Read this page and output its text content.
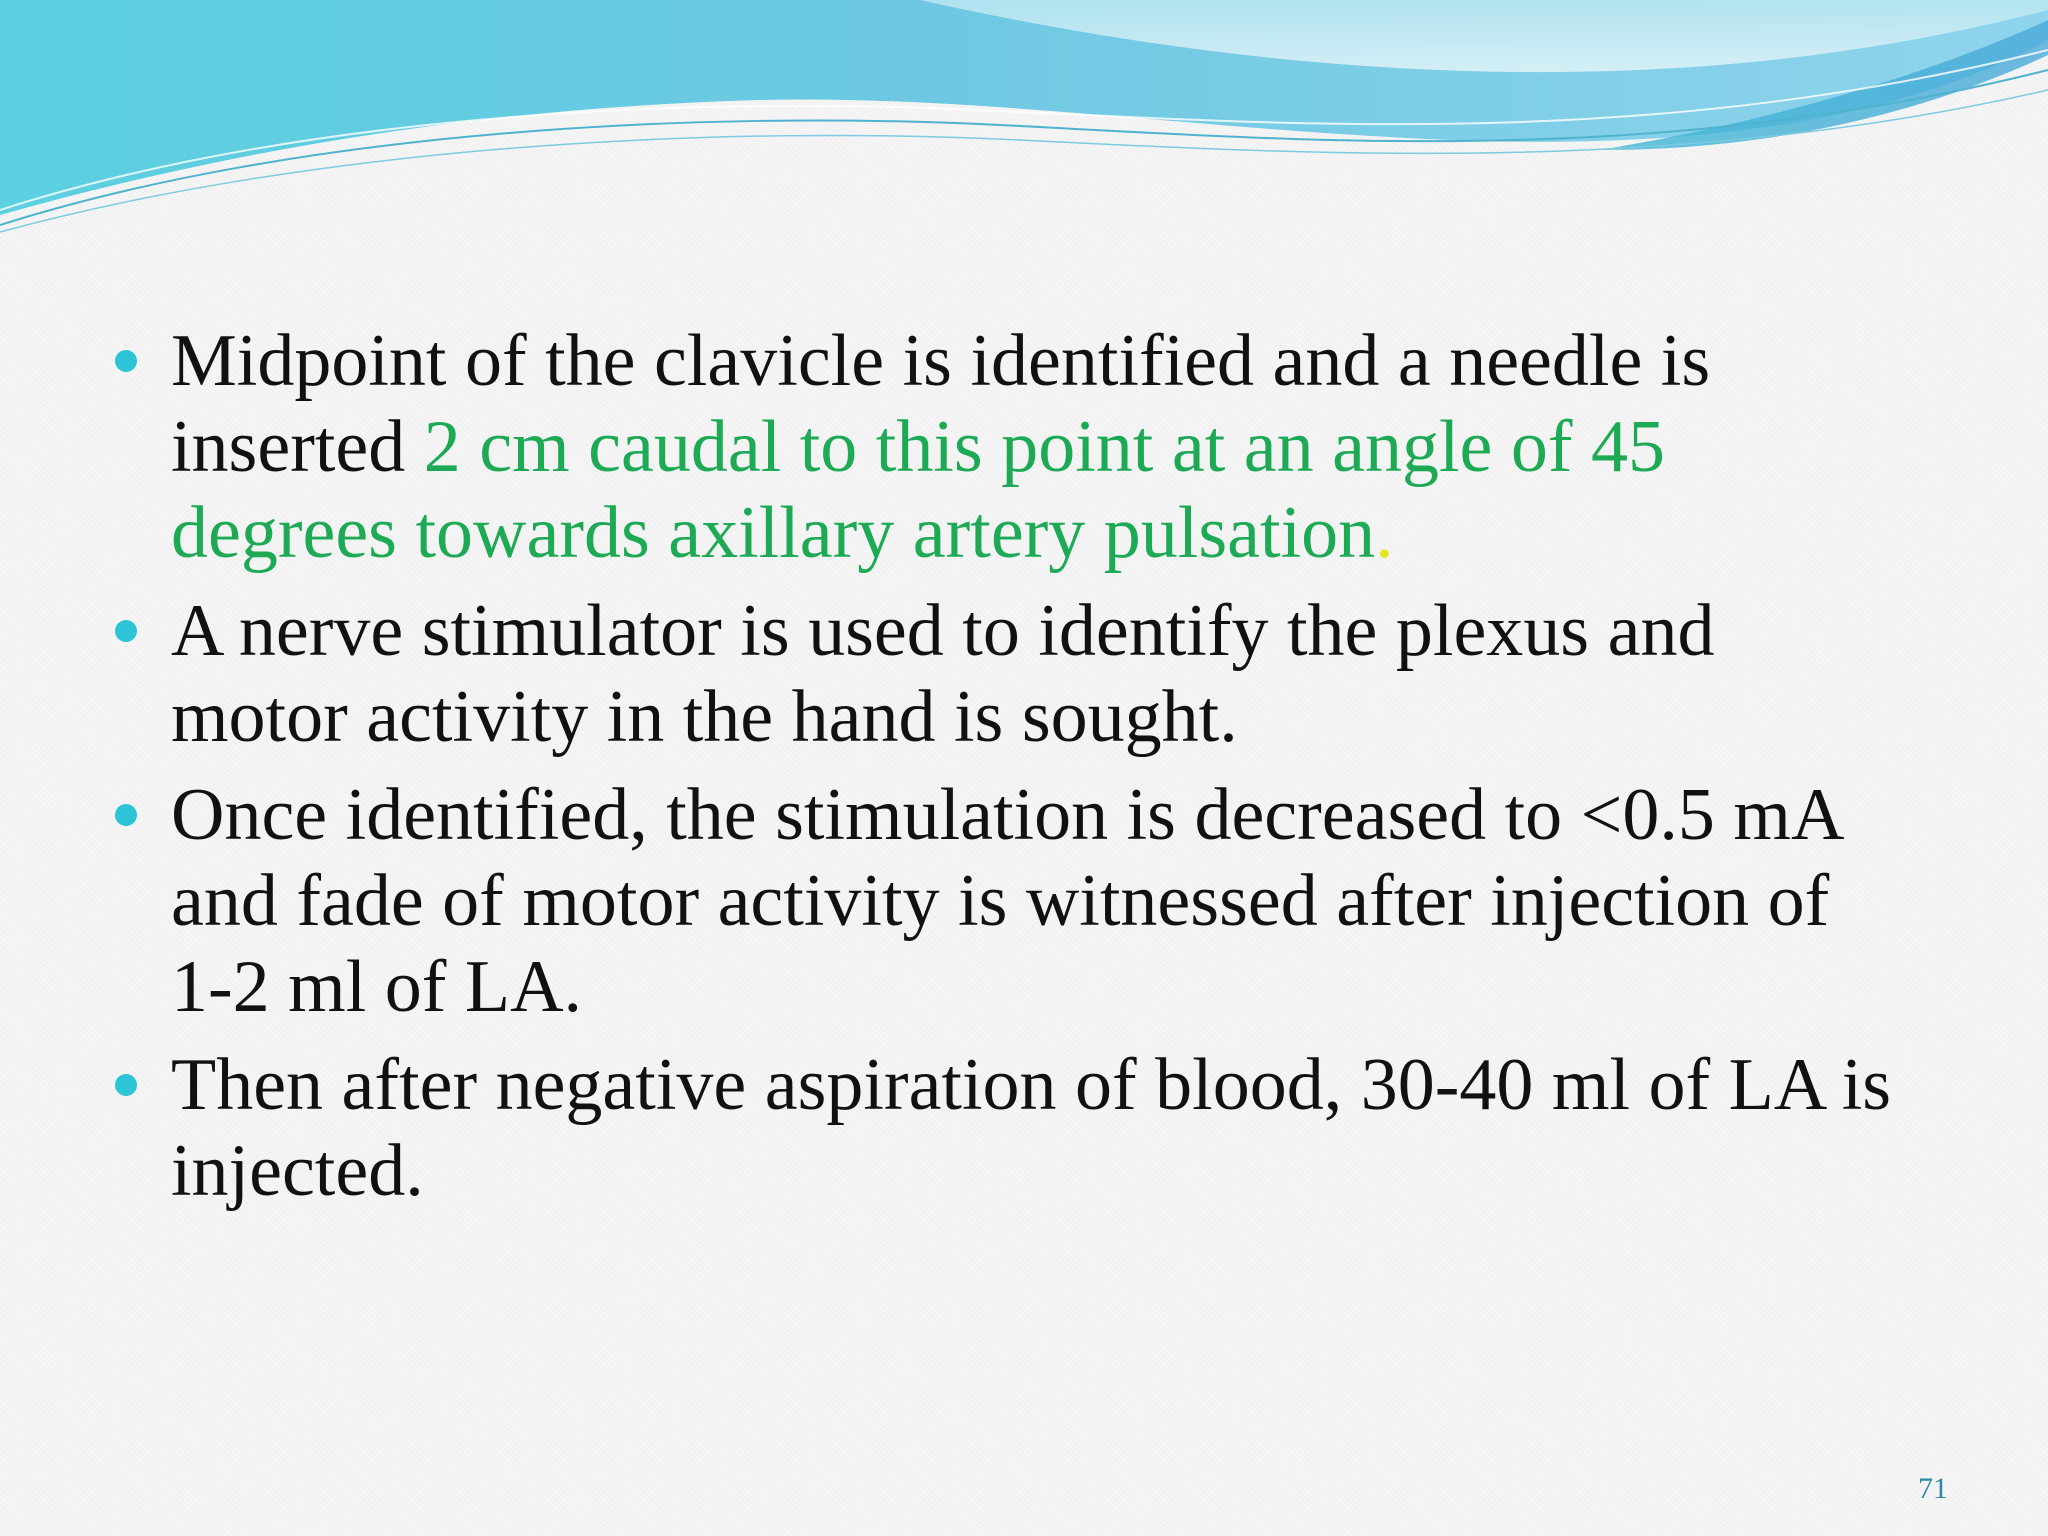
Midpoint of the clavicle is identified and a needle is inserted 2 cm caudal to this point at an angle of 45 degrees towards axillary artery pulsation.
A nerve stimulator is used to identify the plexus and motor activity in the hand is sought.
Once identified, the stimulation is decreased to <0.5 mA and fade of motor activity is witnessed after injection of 1-2 ml of LA.
Then after negative aspiration of blood, 30-40 ml of LA is injected.
71
